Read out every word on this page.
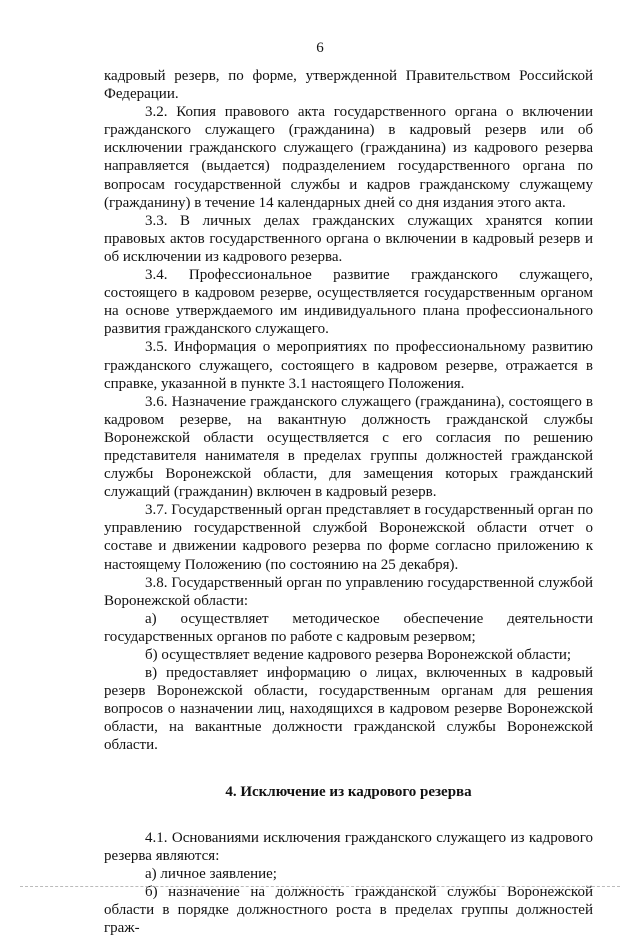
6

кадровый резерв, по форме, утвержденной Правительством Российской Федерации.

3.2. Копия правового акта государственного органа о включении гражданского служащего (гражданина) в кадровый резерв или об исключении гражданского служащего (гражданина) из кадрового резерва направляется (выдается) подразделением государственного органа по вопросам государственной службы и кадров гражданскому служащему (гражданину) в течение 14 календарных дней со дня издания этого акта.

3.3. В личных делах гражданских служащих хранятся копии правовых актов государственного органа о включении в кадровый резерв и об исключении из кадрового резерва.

3.4. Профессиональное развитие гражданского служащего, состоящего в кадровом резерве, осуществляется государственным органом на основе утверждаемого им индивидуального плана профессионального развития гражданского служащего.

3.5. Информация о мероприятиях по профессиональному развитию гражданского служащего, состоящего в кадровом резерве, отражается в справке, указанной в пункте 3.1 настоящего Положения.

3.6. Назначение гражданского служащего (гражданина), состоящего в кадровом резерве, на вакантную должность гражданской службы Воронежской области осуществляется с его согласия по решению представителя нанимателя в пределах группы должностей гражданской службы Воронежской области, для замещения которых гражданский служащий (гражданин) включен в кадровый резерв.

3.7. Государственный орган представляет в государственный орган по управлению государственной службой Воронежской области отчет о составе и движении кадрового резерва по форме согласно приложению к настоящему Положению (по состоянию на 25 декабря).

3.8. Государственный орган по управлению государственной службой Воронежской области:

а) осуществляет методическое обеспечение деятельности государственных органов по работе с кадровым резервом;

б) осуществляет ведение кадрового резерва Воронежской области;

в) предоставляет информацию о лицах, включенных в кадровый резерв Воронежской области, государственным органам для решения вопросов о назначении лиц, находящихся в кадровом резерве Воронежской области, на вакантные должности гражданской службы Воронежской области.

4. Исключение из кадрового резерва

4.1. Основаниями исключения гражданского служащего из кадрового резерва являются:

а) личное заявление;

б) назначение на должность гражданской службы Воронежской области в порядке должностного роста в пределах группы должностей граж-
